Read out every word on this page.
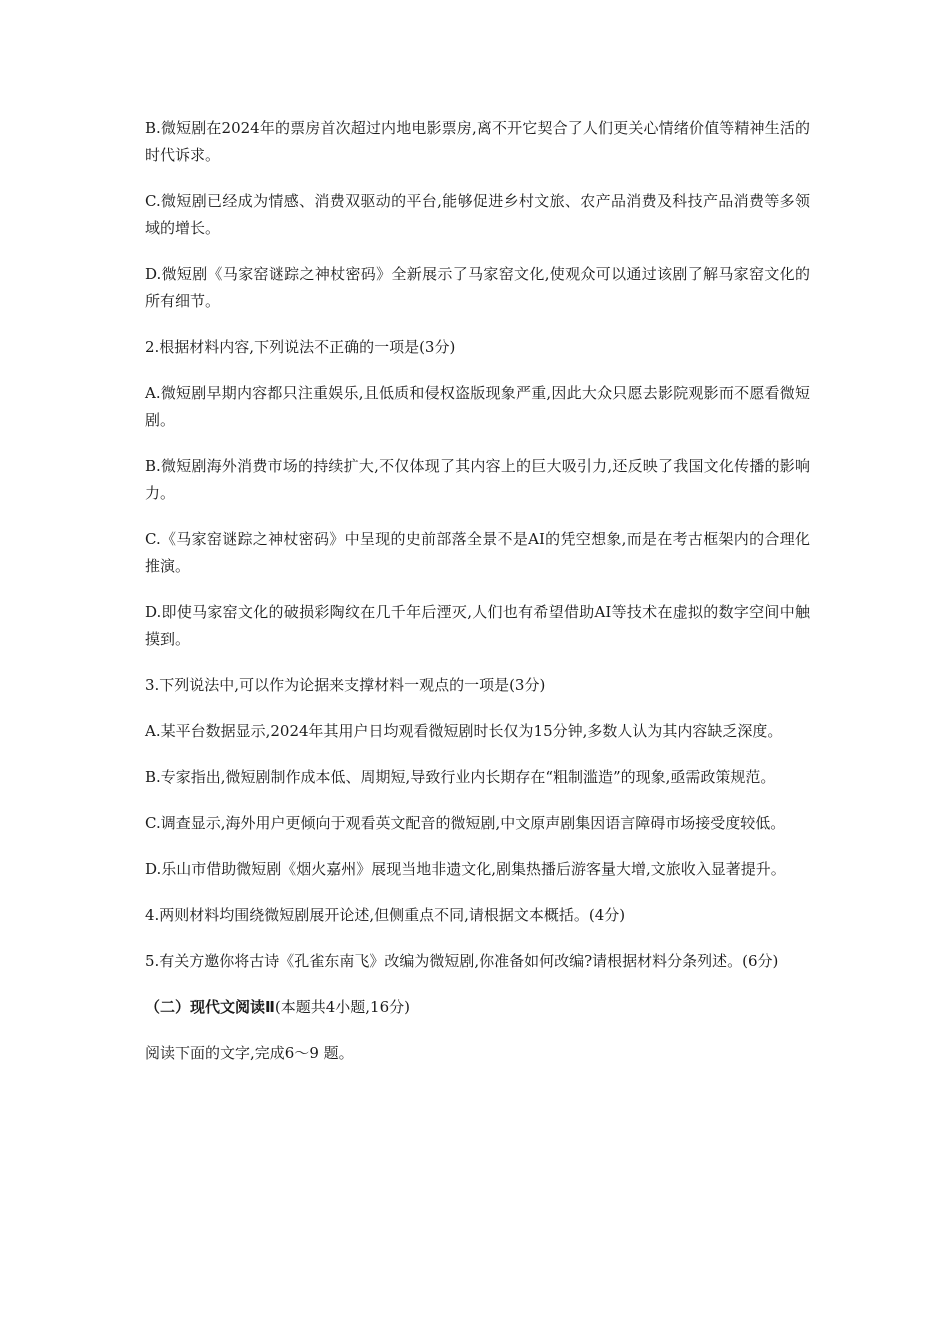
B.微短剧在2024年的票房首次超过内地电影票房,离不开它契合了人们更关心情绪价值等精神生活的时代诉求。

C.微短剧已经成为情感、消费双驱动的平台,能够促进乡村文旅、农产品消费及科技产品消费等多领域的增长。

D.微短剧《马家窑谜踪之神杖密码》全新展示了马家窑文化,使观众可以通过该剧了解马家窑文化的所有细节。

2.根据材料内容,下列说法不正确的一项是(3分)

A.微短剧早期内容都只注重娱乐,且低质和侵权盗版现象严重,因此大众只愿去影院观影而不愿看微短剧。

B.微短剧海外消费市场的持续扩大,不仅体现了其内容上的巨大吸引力,还反映了我国文化传播的影响力。

C.《马家窑谜踪之神杖密码》中呈现的史前部落全景不是AI的凭空想象,而是在考古框架内的合理化推演。

D.即使马家窑文化的破损彩陶纹在几千年后湮灭,人们也有希望借助AI等技术在虚拟的数字空间中触摸到。

3.下列说法中,可以作为论据来支撑材料一观点的一项是(3分)

A.某平台数据显示,2024年其用户日均观看微短剧时长仅为15分钟,多数人认为其内容缺乏深度。

B.专家指出,微短剧制作成本低、周期短,导致行业内长期存在“粗制滥造”的现象,亟需政策规范。

C.调查显示,海外用户更倾向于观看英文配音的微短剧,中文原声剧集因语言障碍市场接受度较低。

D.乐山市借助微短剧《烟火嘉州》展现当地非遗文化,剧集热播后游客量大增,文旅收入显著提升。

4.两则材料均围绕微短剧展开论述,但侧重点不同,请根据文本概括。(4分)

5.有关方邀你将古诗《孔雀东南飞》改编为微短剧,你准备如何改编?请根据材料分条列述。(6分)

（二）现代文阅读Ⅱ(本题共4小题,16分)

阅读下面的文字,完成6～9 题。
